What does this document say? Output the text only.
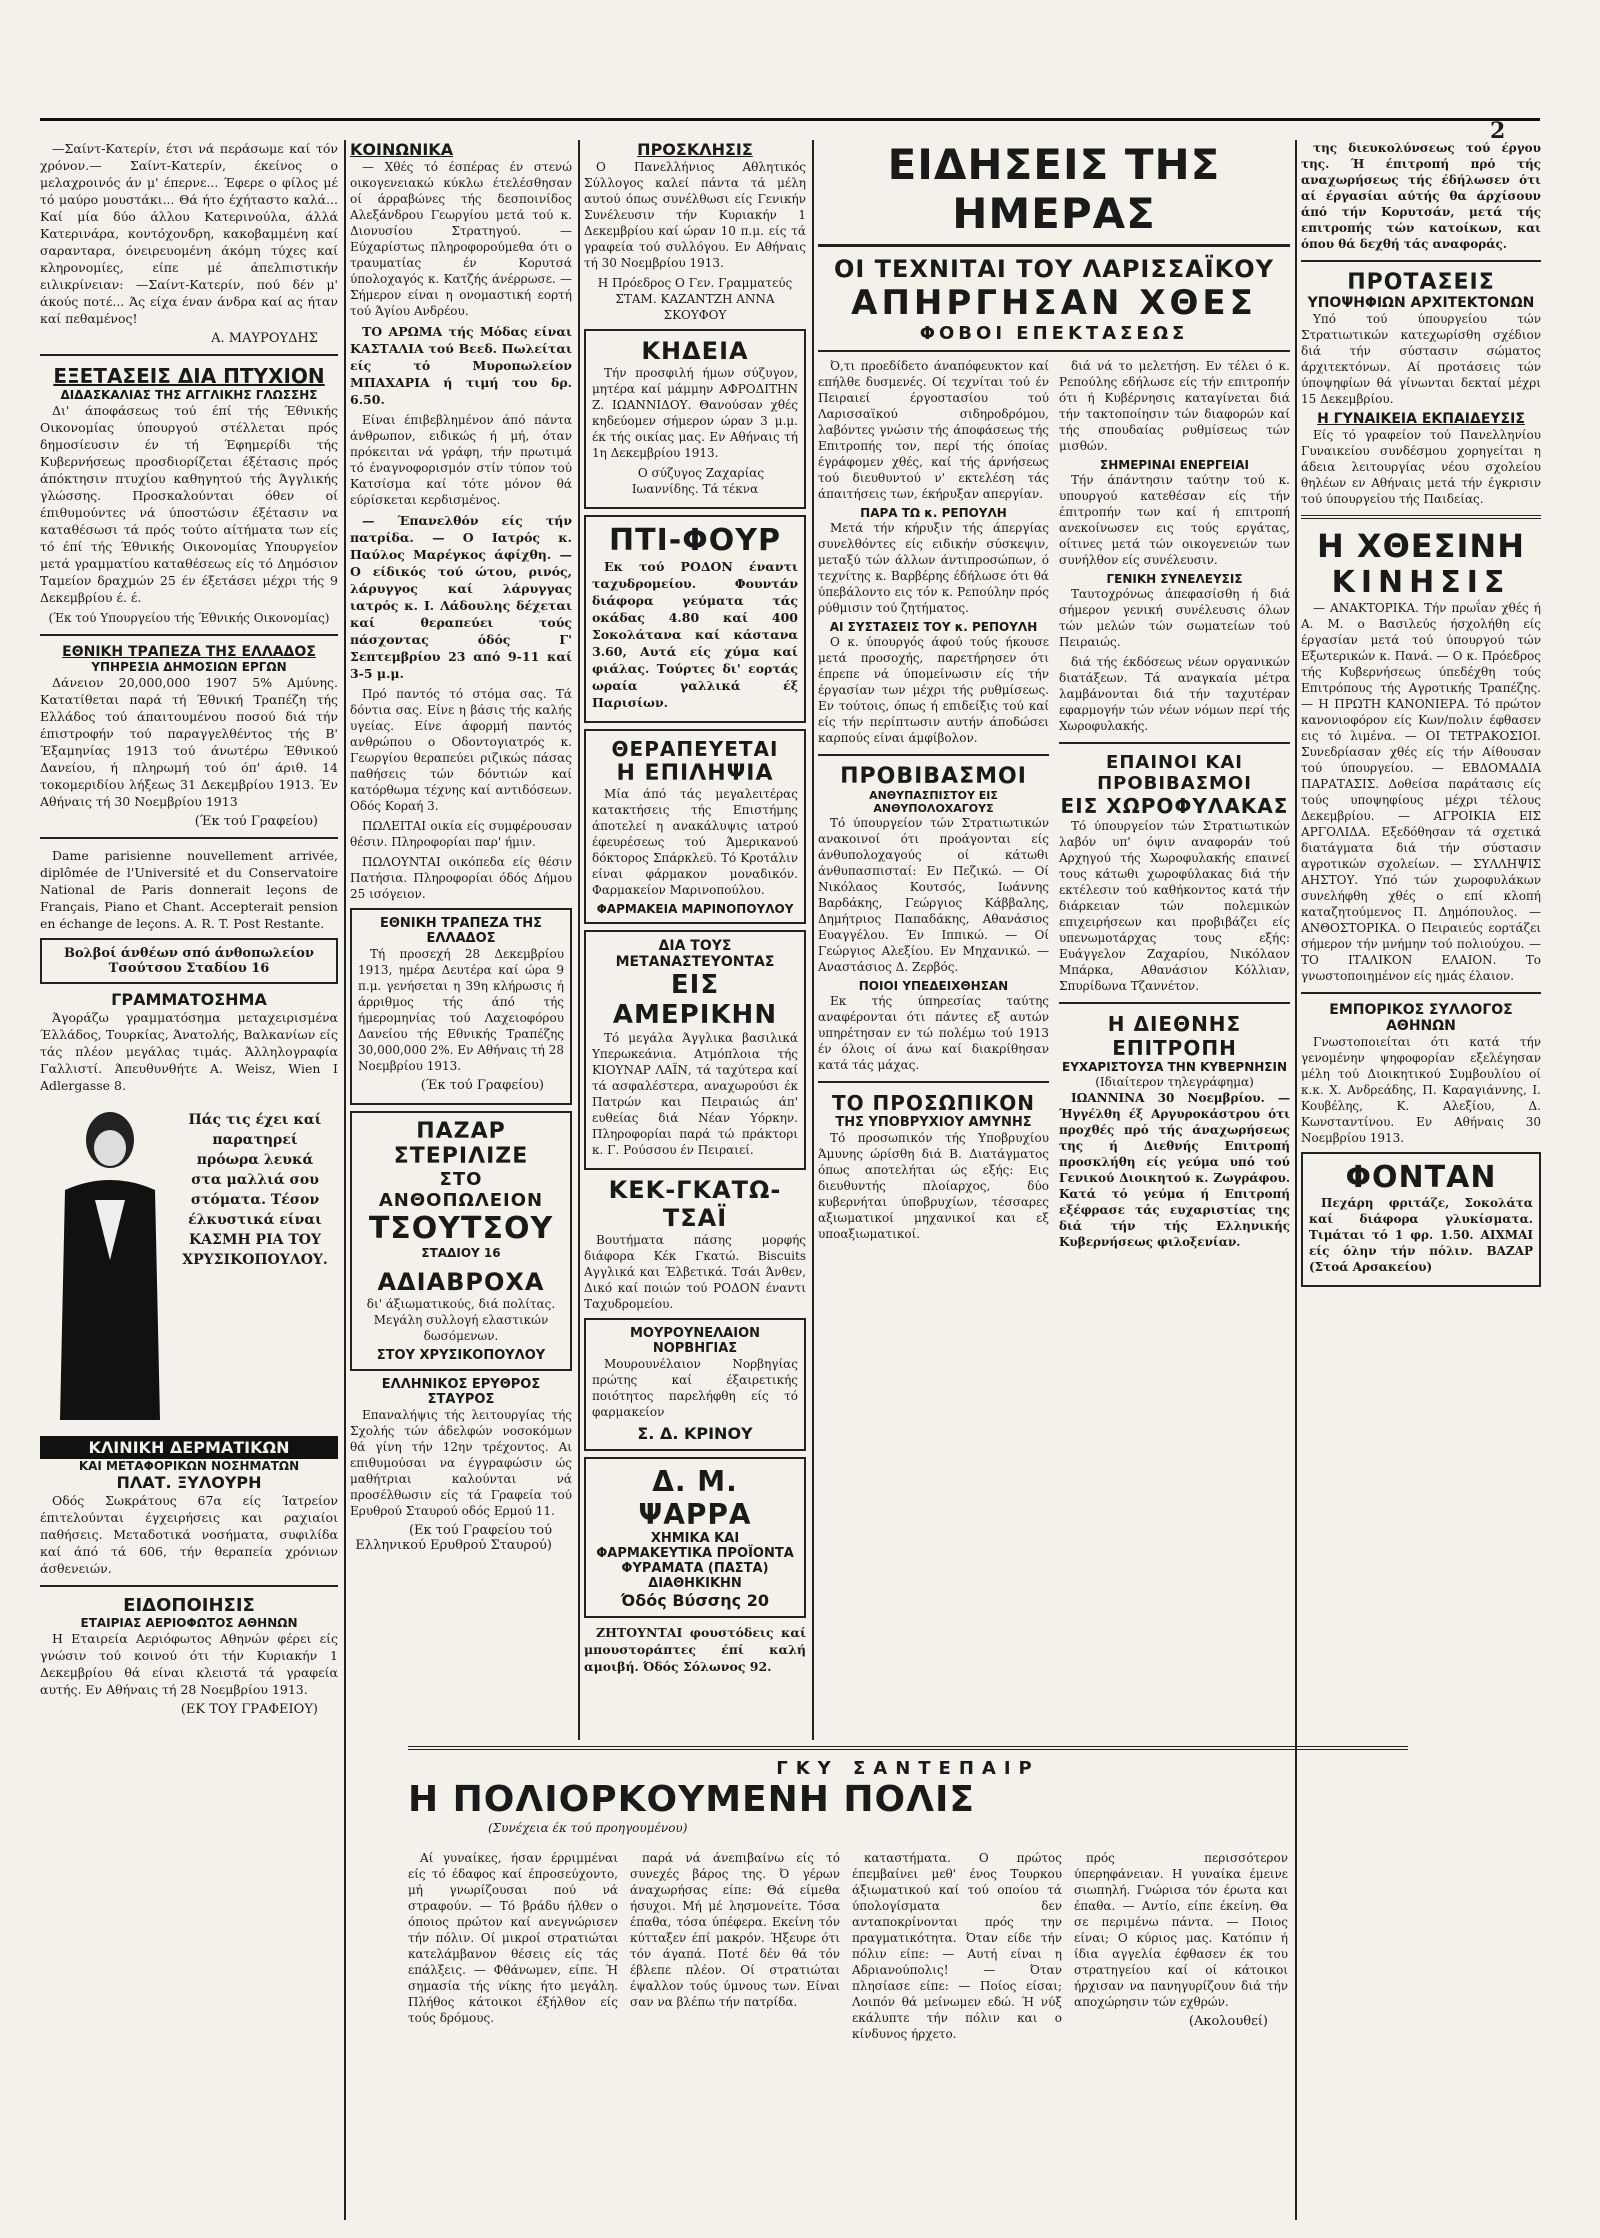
2

—Σαίντ-Κατερίν, έτσι νά περάσωμε καί τόν χρόνον.— Σαίντ-Κατερίν, έκείνος ο μελαχροινός άν μ' έπερνε... Έφερε ο φίλος μέ τό μαύρο μουστάκι... Θά ήτο έχήταστο καλά... Καί μία δύο άλλου Κατερινούλα, άλλά Κατερινάρα, κοντόχονδρη, κακοβαμμένη καί σαρανταρα, όνειρευομένη άκόμη τύχες καί κληρονομίες, είπε μέ άπελπιστικήν ειλικρίνειαν: —Σαίντ-Κατερίν, πού δέν μ' άκούς ποτέ... Άς είχα έναν άνδρα καί ας ήταν καί πεθαμένος!

Α. ΜΑΥΡΟΥΔΗΣ
ΕΞΕΤΑΣΕΙΣ ΔΙΑ ΠΤΥΧΙΟΝ
ΔΙΔΑΣΚΑΛΙΑΣ ΤΗΣ ΑΓΓΛΙΚΗΣ ΓΛΩΣΣΗΣ

Δι' άποφάσεως τού έπί τής Έθνικής Οικονομίας ύπουργού στέλλεται πρός δημοσίευσιν έν τή Έφημερίδι τής Κυβερνήσεως προσδιορίζεται έξέτασις πρός άπόκτησιν πτυχίου καθηγητού τής Άγγλικής γλώσσης. Προσκαλούνται όθεν οί έπιθυμούντες νά ύποστώσιν έξέτασιν να καταθέσωσι τά πρός τούτο αίτήματα των είς τό έπί τής Έθνικής Οικονομίας Υπουργείον μετά γραμματίου καταθέσεως είς τό Δημόσιον Ταμείον δραχμών 25 έν έξετάσει μέχρι τής 9 Δεκεμβρίου έ. έ.

(Έκ τού Υπουργείου τής Έθνικής Οικονομίας)
ΕΘΝΙΚΗ ΤΡΑΠΕΖΑ ΤΗΣ ΕΛΛΑΔΟΣ
ΥΠΗΡΕΣΙΑ ΔΗΜΟΣΙΩΝ ΕΡΓΩΝ

Δάνειον 20,000,000 1907 5% Αμύνης. Κατατίθεται παρά τή Έθνική Τραπέζη τής Ελλάδος τού άπαιτουμένου ποσού διά τήν έπιστροφήν τού παραγγελθέντος τής Β' Έξαμηνίας 1913 τού άνωτέρω Έθνικού Δανείου, ή πληρωμή τού όπ' άριθ. 14 τοκομεριδίου λήξεως 31 Δεκεμβρίου 1913. Έν Αθήναις τή 30 Νοεμβρίου 1913

(Έκ τού Γραφείου)

Dame parisienne nouvellement arrivée, diplômée de l'Université et du Conservatoire National de Paris donnerait leçons de Français, Piano et Chant. Accepterait pension en échange de leçons. A. R. T. Post Restante.

Βολβοί άνθέων σπό άνθοπωλείον Τσούτσου Σταδίου 16
ΓΡΑΜΜΑΤΟΣΗΜΑ

Άγοράζω γραμματόσημα μεταχειρισμένα Έλλάδος, Τουρκίας, Άνατολής, Βαλκανίων είς τάς πλέον μεγάλας τιμάς. Άλληλογραφία Γαλλιστί. Άπευθυνθήτε A. Weisz, Wien I Adlergasse 8.

Πάς τις έχει καί παρατηρεί πρόωρα λευκά στα μαλλιά σου στόματα. Τέσον έλκυστικά είναι ΚΑΣΜΗ ΡΙΑ ΤΟΥ ΧΡΥΣΙΚΟΠΟΥΛΟΥ.
ΚΛΙΝΙΚΗ ΔΕΡΜΑΤΙΚΩΝ
ΚΑΙ ΜΕΤΑΦΟΡΙΚΩΝ ΝΟΣΗΜΑΤΩΝ
ΠΛΑΤ. ΞΥΛΟΥΡΗ

Οδός Σωκράτους 67α είς Ίατρείον έπιτελούνται έγχειρήσεις και ραχιαίοι παθήσεις. Μεταδοτικά νοσήματα, συφιλίδα καί άπό τά 606, τήν θεραπεία χρόνιων άσθενειών.

ΕΙΔΟΠΟΙΗΣΙΣ
ΕΤΑΙΡΙΑΣ ΑΕΡΙΟΦΩΤΟΣ ΑΘΗΝΩΝ

Η Εταιρεία Αεριόφωτος Αθηνών φέρει είς γνώσιν τού κοινού ότι τήν Κυριακήν 1 Δεκεμβρίου θά είναι κλειστά τά γραφεία αυτής. Εν Αθήναις τή 28 Νοεμβρίου 1913.

(ΕΚ ΤΟΥ ΓΡΑΦΕΙΟΥ)
ΚΟΙΝΩΝΙΚΑ

— Χθές τό έσπέρας έν στενώ οικογενειακώ κύκλω έτελέσθησαν οί άρραβώνες τής δεσποινίδος Αλεξάνδρου Γεωργίου μετά τού κ. Διονυσίου Στρατηγού. — Εύχαρίστως πληροφορούμεθα ότι ο τραυματίας έν Κορυτσά ύπολοχαγός κ. Κατζής άνέρρωσε. — Σήμερον είναι η ονομαστική εορτή τού Άγίου Ανδρέου.

ΤΟ ΑΡΩΜΑ τής Μόδας είναι ΚΑΣΤΑΛΙΑ τού Βεεδ. Πωλείται είς τό Μυροπωλείον ΜΠΑΧΑΡΙΑ ή τιμή του δρ. 6.50.

Είναι έπιβεβλημένον άπό πάντα άνθρωπον, ειδικώς ή μή, όταν πρόκειται νά γράφη, τήν πρωτιμά τό έναγνοφορισμόν στίν τύπον τού Κατσίσμα καί τότε μόνον θά εύρίσκεται κερδισμένος.

— Έπανελθόν είς τήν πατρίδα. — Ο Ιατρός κ. Παύλος Μαρέγκος άφίχθη. — Ο είδικός τού ώτου, ρινός, λάρυγγος καί λάρυγγας ιατρός κ. Ι. Λάδουλης δέχεται καί θεραπεύει τούς πάσχοντας όδός Γ' Σεπτεμβρίου 23 από 9-11 καί 3-5 μ.μ.

Πρό παντός τό στόμα σας. Τά δόντια σας. Είνε η βάσις τής καλής υγείας. Είνε άφορμή παντός ανθρώπου ο Οδοντογιατρός κ. Γεωργίου θεραπεύει ριζικώς πάσας παθήσεις τών δόντιών καί κατόρθωμα τέχνης καί αντιδόσεων. Οδός Κοραή 3.

ΠΩΛΕΙΤΑΙ οικία είς συμφέρουσαν θέσιν. Πληροφορίαι παρ' ήμιν.

ΠΩΛΟΥΝΤΑΙ οικόπεδα είς θέσιν Πατήσια. Πληροφορίαι όδός Δήμου 25 ισόγειον.

ΕΘΝΙΚΗ ΤΡΑΠΕΖΑ ΤΗΣ ΕΛΛΑΔΟΣ

Τή προσεχή 28 Δεκεμβρίου 1913, ημέρα Δευτέρα καί ώρα 9 π.μ. γενήσεται η 39η κλήρωσις ή άρριθμος τής άπό τής ήμερομηνίας τού Λαχειοφόρου Δανείου τής Εθνικής Τραπέζης 30,000,000 2%. Εν Αθήναις τή 28 Νοεμβρίου 1913.

(Έκ τού Γραφείου)
ΠΑΖΑΡ ΣΤΕΡΙΛΙΖΕ
ΣΤΟ ΑΝΘΟΠΩΛΕΙΟΝ
ΤΣΟΥΤΣΟΥ
ΣΤΑΔΙΟΥ 16
ΑΔΙΑΒΡΟΧΑ

δι' άξιωματικούς, διά πολίτας. Μεγάλη συλλογή ελαστικών δωσόμενων.

ΣΤΟΥ ΧΡΥΣΙΚΟΠΟΥΛΟΥ
ΕΛΛΗΝΙΚΟΣ ΕΡΥΘΡΟΣ ΣΤΑΥΡΟΣ

Επαναλήψις τής λειτουργίας τής Σχολής τών άδελφών νοσοκόμων θά γίνη τήν 12ην τρέχοντος. Αι επιθυμούσαι να έγγραφώσιν ώς μαθήτριαι καλούνται νά προσέλθωσιν είς τά Γραφεία τού Ερυθρού Σταυρού οδός Ερμού 11.

(Εκ τού Γραφείου τού Ελληνικού Ερυθρού Σταυρού)
ΠΡΟΣΚΛΗΣΙΣ

Ο Πανελλήνιος Αθλητικός Σύλλογος καλεί πάντα τά μέλη αυτού όπως συνέλθωσι είς Γενικήν Συνέλευσιν τήν Κυριακήν 1 Δεκεμβρίου καί ώραν 10 π.μ. είς τά γραφεία τού συλλόγου. Εν Αθήναις τή 30 Νοεμβρίου 1913.

Η Πρόεδρος Ο Γεν. Γραμματεύς ΣΤΑΜ. ΚΑΖΑΝΤΖΗ ΑΝΝΑ ΣΚΟΥΦΟΥ

ΚΗΔΕΙΑ

Τήν προσφιλή ήμων σύζυγον, μητέρα καί μάμμην ΑΦΡΟΔΙΤΗΝ Ζ. ΙΩΑΝΝΙΔΟΥ. Θανούσαν χθές κηδεύομεν σήμερον ώραν 3 μ.μ. έκ τής οικίας μας. Εν Αθήναις τή 1η Δεκεμβρίου 1913.

Ο σύζυγος Ζαχαρίας Ιωαννίδης. Τά τέκνα

ΠΤΙ-ΦΟΥΡ

Εκ τού ΡΟΔΟΝ έναντι ταχυδρομείου. Φουντάν διάφορα γεύματα τάς οκάδας 4.80 καί 400 Σοκολάτανα καί κάστανα 3.60, Αυτά είς χύμα καί φιάλας. Τούρτες δι' εορτάς ωραία γαλλικά έξ Παρισίων.

ΘΕΡΑΠΕΥΕΤΑΙ
Η ΕΠΙΛΗΨΙΑ

Μία άπό τάς μεγαλειτέρας κατακτήσεις τής Επιστήμης άποτελεί η ανακάλυψις ιατρού έφευρέσεως τού Άμερικανού δόκτορος Σπάρκλεϋ. Τό Κροτάλιν είναι φάρμακον μοναδικόν. Φαρμακείον Μαρινοπούλου.

ΦΑΡΜΑΚΕΙΑ ΜΑΡΙΝΟΠΟΥΛΟΥ
ΔΙΑ ΤΟΥΣ ΜΕΤΑΝΑΣΤΕΥΟΝΤΑΣ
ΕΙΣ ΑΜΕΡΙΚΗΝ

Τό μεγάλα Άγγλικα βασιλικά Υπερωκεάνια. Ατμόπλοια τής ΚΙΟΥΝΑΡ ΛΑΪΝ, τά ταχύτερα καί τά ασφαλέστερα, αναχωρούσι έκ Πατρών και Πειραιώς άπ' ευθείας διά Νέαν Υόρκην. Πληροφορίαι παρά τώ πράκτορι κ. Γ. Ρούσσου έν Πειραιεί.

ΚΕΚ-ΓΚΑΤΩ-ΤΣΑΪ

Βουτήματα πάσης μορφής διάφορα Κέκ Γκατώ. Biscuits Αγγλικά και Έλβετικά. Τσάι Άνθεν, Δικό καί ποιών τού ΡΟΔΟΝ έναντι Ταχυδρομείου.

ΜΟΥΡΟΥΝΕΛΑΙΟΝ ΝΟΡΒΗΓΙΑΣ

Μουρουνέλαιον Νορβηγίας πρώτης καί έξαιρετικής ποιότητος παρελήφθη είς τό φαρμακείον

Σ. Δ. ΚΡΙΝΟΥ
Δ. Μ. ΨΑΡΡΑ
ΧΗΜΙΚΑ ΚΑΙ ΦΑΡΜΑΚΕΥΤΙΚΑ ΠΡΟΪΟΝΤΑ
ΦΥΡΑΜΑΤΑ (ΠΑΣΤΑ) ΔΙΑΘΗΚΙΚΗΝ
Όδός Βύσσης 20

ΖΗΤΟΥΝΤΑΙ φουστόδεις καί μπουστοράπτες έπί καλή αμοιβή. Όδός Σόλωνος 92.

ΕΙΔΗΣΕΙΣ ΤΗΣ ΗΜΕΡΑΣ
ΟΙ ΤΕΧΝΙΤΑΙ ΤΟΥ ΛΑΡΙΣΣΑΪΚΟΥ
ΑΠΗΡΓΗΣΑΝ ΧΘΕΣ
ΦΟΒΟΙ ΕΠΕΚΤΑΣΕΩΣ

Ό,τι προεδίδετο άναπόφευκτον καί επήλθε δυσμενές. Οί τεχνίται τού έν Πειραιεί έργοστασίου τού Λαρισσαϊκού σιδηροδρόμου, λαβόντες γνώσιν τής άποφάσεως τής Επιτροπής τον, περί τής όποίας έγράφομεν χθές, καί τής άρνήσεως τού διευθυντού ν' εκτελέση τάς άπαιτήσεις των, έκήρυξαν απεργίαν.

ΠΑΡΑ ΤΩ κ. ΡΕΠΟΥΛΗ

Μετά τήν κήρυξιν τής άπεργίας συνελθόντες είς ειδικήν σύσκεψιν, μεταξύ τών άλλων άντιπροσώπων, ό τεχνίτης κ. Βαρβέρης έδήλωσε ότι θά ύπεβάλοντο εις τόν κ. Ρεπούλην πρός ρύθμισιν τού ζητήματος.

ΑΙ ΣΥΣΤΑΣΕΙΣ ΤΟΥ κ. ΡΕΠΟΥΛΗ

Ο κ. ύπουργός άφού τούς ήκουσε μετά προσοχής, παρετήρησεν ότι έπρεπε νά ύπομείνωσιν είς τήν έργασίαν των μέχρι τής ρυθμίσεως. Εν τούτοις, όπως ή επιδείξις τού καί είς τήν περίπτωσιν αυτήν άποδώσει καρπούς είναι άμφίβολον.

ΠΡΟΒΙΒΑΣΜΟΙ
ΑΝΘΥΠΑΣΠΙΣΤΟΥ ΕΙΣ ΑΝΘΥΠΟΛΟΧΑΓΟΥΣ

Τό ύπουργείον τών Στρατιωτικών ανακοινοί ότι προάγονται είς άνθυπολοχαγούς οί κάτωθι άνθυπασπισταί: Εν Πεζικώ. — Οί Νικόλαος Κουτσός, Ιωάννης Βαρδάκης, Γεώργιος Κάββαλης, Δημήτριος Παπαδάκης, Αθανάσιος Ευαγγέλου. Έν Ιππικώ. — Οί Γεώργιος Αλεξίου. Εν Μηχανικώ. — Αναστάσιος Δ. Ζερβός.

ΠΟΙΟΙ ΥΠΕΔΕΙΧΘΗΣΑΝ

Εκ τής ύπηρεσίας ταύτης αναφέρονται ότι πάντες εξ αυτών υπηρέτησαν εν τώ πολέμω τού 1913 έν όλοις οί άνω καί διακρίθησαν κατά τάς μάχας.

ΤΟ ΠΡΟΣΩΠΙΚΟΝ
ΤΗΣ ΥΠΟΒΡΥΧΙΟΥ ΑΜΥΝΗΣ

Τό προσωπικόν τής Υποβρυχίου Άμυνης ώρίσθη διά Β. Διατάγματος όπως αποτελήται ώς εξής: Εις διευθυντής πλοίαρχος, δύο κυβερνήται ύποβρυχίων, τέσσαρες αξιωματικοί μηχανικοί και εξ υποαξιωματικοί.

διά νά το μελετήση. Εν τέλει ό κ. Ρεπούλης εδήλωσε είς τήν επιτροπήν ότι ή Κυβέρνησις καταγίνεται διά τήν τακτοποίησιν τών διαφορών καί τής σπουδαίας ρυθμίσεως τών μισθών.

ΣΗΜΕΡΙΝΑΙ ΕΝΕΡΓΕΙΑΙ

Τήν άπάντησιν ταύτην τού κ. υπουργού κατεθέσαν είς τήν έπιτροπήν των καί ή επιτροπή ανεκοίνωσεν εις τούς εργάτας, οίτινες μετά τών οικογενειών των συνήλθον είς συνέλευσιν.

ΓΕΝΙΚΗ ΣΥΝΕΛΕΥΣΙΣ

Ταυτοχρόνως άπεφασίσθη ή διά σήμερον γενική συνέλευσις όλων τών μελών τών σωματείων τού Πειραιώς.

διά τής έκδόσεως νέων οργανικών διατάξεων. Τά αναγκαία μέτρα λαμβάνονται διά τήν ταχυτέραν εφαρμογήν τών νέων νόμων περί τής Χωροφυλακής.

ΕΠΑΙΝΟΙ ΚΑΙ ΠΡΟΒΙΒΑΣΜΟΙ
ΕΙΣ ΧΩΡΟΦΥΛΑΚΑΣ

Τό ύπουργείον τών Στρατιωτικών λαβόν υπ' όψιν αναφοράν τού Αρχηγού τής Χωροφυλακής επαινεί τους κάτωθι χωροφύλακας διά τήν εκτέλεσιν τού καθήκοντος κατά τήν διάρκειαν τών πολεμικών επιχειρήσεων και προβιβάζει είς υπενωμοτάρχας τους εξής: Ευάγγελον Ζαχαρίου, Νικόλαον Μπάρκα, Αθανάσιον Κόλλιαν, Σπυρίδωνα Τζαννέτον.

Η ΔΙΕΘΝΗΣ ΕΠΙΤΡΟΠΗ
ΕΥΧΑΡΙΣΤΟΥΣΑ ΤΗΝ ΚΥΒΕΡΝΗΣΙΝ
(Ιδιαίτερον τηλεγράφημα)

ΙΩΑΝΝΙΝΑ 30 Νοεμβρίου. — Ήγγέλθη έξ Αργυροκάστρου ότι προχθές πρό τής άναχωρήσεως της ή Διεθνής Επιτροπή προσκλήθη είς γεύμα υπό τού Γενικού Διοικητού κ. Ζωγράφου. Κατά τό γεύμα ή Επιτροπή εξέφρασε τάς ευχαριστίας της διά τήν τής Ελληνικής Κυβερνήσεως φιλοξενίαν.

της διευκολύνσεως τού έργου της. Ή έπιτροπή πρό τής αναχωρήσεως τής έδήλωσεν ότι αί έργασίαι αύτής θα άρχίσουν άπό τήν Κορυτσάν, μετά τής επιτροπής τών κατοίκων, και όπου θά δεχθή τάς αναφοράς.

ΠΡΟΤΑΣΕΙΣ
ΥΠΟΨΗΦΙΩΝ ΑΡΧΙΤΕΚΤΟΝΩΝ

Υπό τού ύπουργείου τών Στρατιωτικών κατεχωρίσθη σχέδιον διά τήν σύστασιν σώματος άρχιτεκτόνων. Αί προτάσεις τών ύποψηφίων θά γίνωνται δεκταί μέχρι 15 Δεκεμβρίου.

Η ΓΥΝΑΙΚΕΙΑ ΕΚΠΑΙΔΕΥΣΙΣ

Είς τό γραφείον τού Πανελληνίου Γυναικείου συνδέσμου χορηγείται η άδεια λειτουργίας νέου σχολείου θηλέων εν Αθήναις μετά τήν έγκρισιν τού ύπουργείου τής Παιδείας.

Η ΧΘΕΣΙΝΗ
ΚΙΝΗΣΙΣ

— ΑΝΑΚΤΟΡΙΚΑ. Τήν πρωΐαν χθές ή Α. Μ. ο Βασιλεύς ήσχολήθη είς έργασίαν μετά τού ύπουργού τών Εξωτερικών κ. Πανά. — Ο κ. Πρόεδρος τής Κυβερνήσεως ύπεδέχθη τούς Επιτρόπους τής Αγροτικής Τραπέζης. — Η ΠΡΩΤΗ ΚΑΝΟΝΙΕΡΑ. Τό πρώτον κανονιοφόρον είς Κων/πολιν έφθασεν εις τό λιμένα. — ΟΙ ΤΕΤΡΑΚΟΣΙΟΙ. Συνεδρίασαν χθές είς τήν Αίθουσαν τού ύπουργείου. — ΕΒΔΟΜΑΔΙΑ ΠΑΡΑΤΑΣΙΣ. Δοθείσα παράτασις είς τούς υποψηφίους μέχρι τέλους Δεκεμβρίου. — ΑΓΡΟΙΚΙΑ ΕΙΣ ΑΡΓΟΛΙΔΑ. Εξεδόθησαν τά σχετικά διατάγματα διά τήν σύστασιν αγροτικών σχολείων. — ΣΥΛΛΗΨΙΣ ΑΗΣΤΟΥ. Υπό τών χωροφυλάκων συνελήφθη χθές ο επί κλοπή καταζητούμενος Π. Δημόπουλος. — ΑΝΘΟΣΤΟΡΙΚΑ. Ο Πειραιεύς εορτάζει σήμερον τήν μνήμην τού πολιούχου. — ΤΟ ΙΤΑΛΙΚΟΝ ΕΛΑΙΟΝ. Το γνωστοποιημένον είς ημάς έλαιον.

ΕΜΠΟΡΙΚΟΣ ΣΥΛΛΟΓΟΣ ΑΘΗΝΩΝ

Γνωστοποιείται ότι κατά τήν γενομένην ψηφοφορίαν εξελέγησαν μέλη τού Διοικητικού Συμβουλίου οί κ.κ. Χ. Ανδρεάδης, Π. Καραγιάννης, Ι. Κουβέλης, Κ. Αλεξίου, Δ. Κωνσταντίνου. Εν Αθήναις 30 Νοεμβρίου 1913.

ΦΟΝΤΑΝ

Πεχάρη φριτάζε, Σοκολάτα καί διάφορα γλυκίσματα. Τιμάται τό 1 φρ. 1.50. ΑΙΧΜΑΙ είς όλην τήν πόλιν. ΒΑΖΑΡ (Στοά Αρσακείου)

ΓΚΥ ΣΑΝΤΕΠΑΙΡ
Η ΠΟΛΙΟΡΚΟΥΜΕΝΗ ΠΟΛΙΣ
(Συνέχεια έκ τού προηγουμένου)

Αί γυναίκες, ήσαν έρριμμέναι είς τό έδαφος καί έπροσεύχοντο, μή γνωρίζουσαι πού νά στραφούν. — Τό βράδυ ήλθεν ο όποιος πρώτον καί ανεγνώρισεν τήν πόλιν. Οί μικροί στρατιώται κατελάμβανον θέσεις είς τάς επάλξεις. — Φθάνωμεν, είπε. Ή σημασία τής νίκης ήτο μεγάλη. Πλήθος κάτοικοι έξήλθον είς τούς δρόμους.

παρά νά άνεπιβαίνω είς τό συνεχές βάρος της. Ό γέρων άναχωρήσας είπε: Θά είμεθα ήσυχοι. Μή μέ λησμονείτε. Τόσα έπαθα, τόσα ύπέφερα. Εκείνη τόν κύτταξεν έπί μακρόν. Ήξευρε ότι τόν άγαπά. Ποτέ δέν θά τόν έβλεπε πλέον. Οί στρατιώται έψαλλον τούς ύμνους των. Είναι σαν να βλέπω τήν πατρίδα.

καταστήματα. Ο πρώτος έπεμβαίνει μεθ' ένος Τουρκου άξιωματικού καί τού οποίου τά ύπολογίσματα δεν ανταποκρίνονται πρός την πραγματικότητα. Όταν είδε τήν πόλιν είπε: — Αυτή είναι η Αδριανούπολις! — Όταν πλησίασε είπε: — Ποίος είσαι; Λοιπόν θά μείνωμεν εδώ. Ή νύξ εκάλυπτε τήν πόλιν και ο κίνδυνος ήρχετο.

πρός περισσότερον ύπερηφάνειαν. Η γυναίκα έμεινε σιωπηλή. Γνώρισα τόν έρωτα και έπαθα. — Αντίο, είπε έκείνη. Θα σε περιμένω πάντα. — Ποιος είναι; Ο κύριος μας. Κατόπιν ή ίδια αγγελία έφθασεν έκ του στρατηγείου καί οί κάτοικοι ήρχισαν να πανηγυρίζουν διά τήν αποχώρησιν τών εχθρών.

(Ακολουθεί)
